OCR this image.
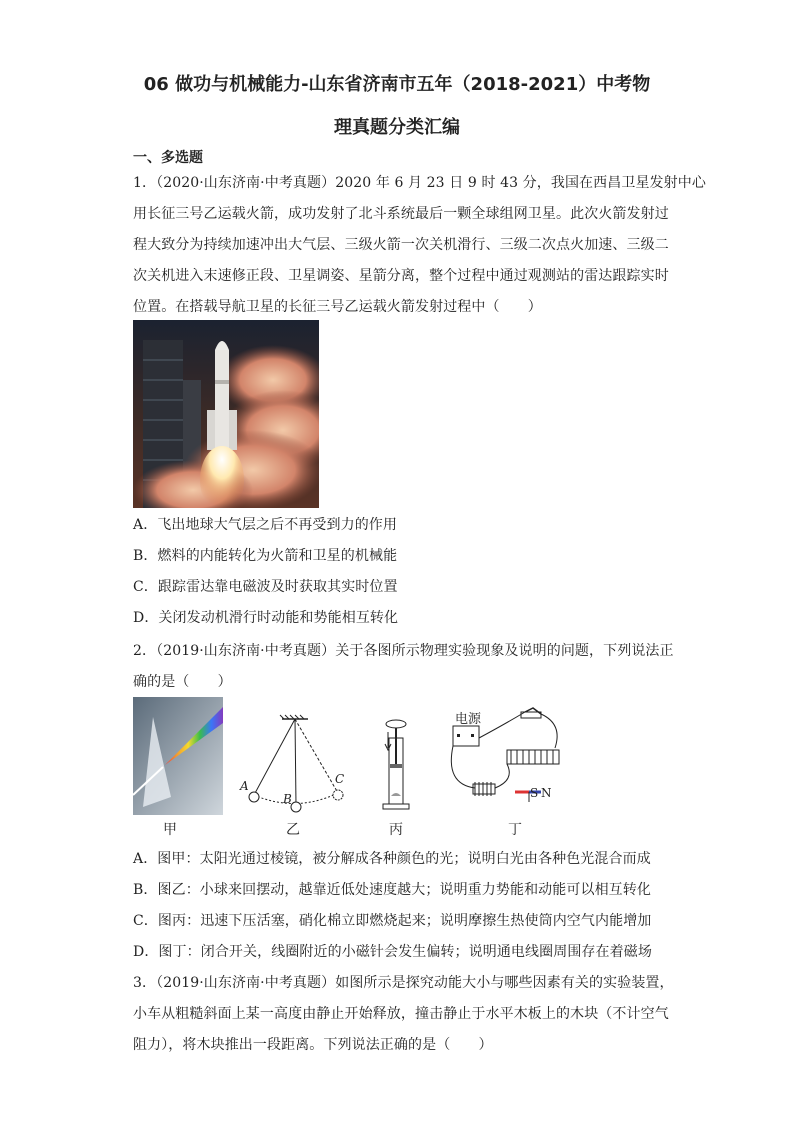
06 做功与机械能力-山东省济南市五年（2018-2021）中考物
理真题分类汇编
一、多选题
1．（2020·山东济南·中考真题）2020 年 6 月 23 日 9 时 43 分，我国在西昌卫星发射中心
用长征三号乙运载火箭，成功发射了北斗系统最后一颗全球组网卫星。此次火箭发射过
程大致分为持续加速冲出大气层、三级火箭一次关机滑行、三级二次点火加速、三级二
次关机进入末速修正段、卫星调姿、星箭分离，整个过程中通过观测站的雷达跟踪实时
位置。在搭载导航卫星的长征三号乙运载火箭发射过程中（　　）
A．飞出地球大气层之后不再受到力的作用
B．燃料的内能转化为火箭和卫星的机械能
C．跟踪雷达靠电磁波及时获取其实时位置
D．关闭发动机滑行时动能和势能相互转化
2．（2019·山东济南·中考真题）关于各图所示物理实验现象及说明的问题，下列说法正
确的是（　　）
A
B
C
电源
S N
甲	乙	丙	丁
A．图甲：太阳光通过棱镜，被分解成各种颜色的光；说明白光由各种色光混合而成
B．图乙：小球来回摆动，越靠近低处速度越大；说明重力势能和动能可以相互转化
C．图丙：迅速下压活塞，硝化棉立即燃烧起来；说明摩擦生热使筒内空气内能增加
D．图丁：闭合开关，线圈附近的小磁针会发生偏转；说明通电线圈周围存在着磁场
3．（2019·山东济南·中考真题）如图所示是探究动能大小与哪些因素有关的实验装置，
小车从粗糙斜面上某一高度由静止开始释放，撞击静止于水平木板上的木块（不计空气
阻力），将木块推出一段距离。下列说法正确的是（　　）
